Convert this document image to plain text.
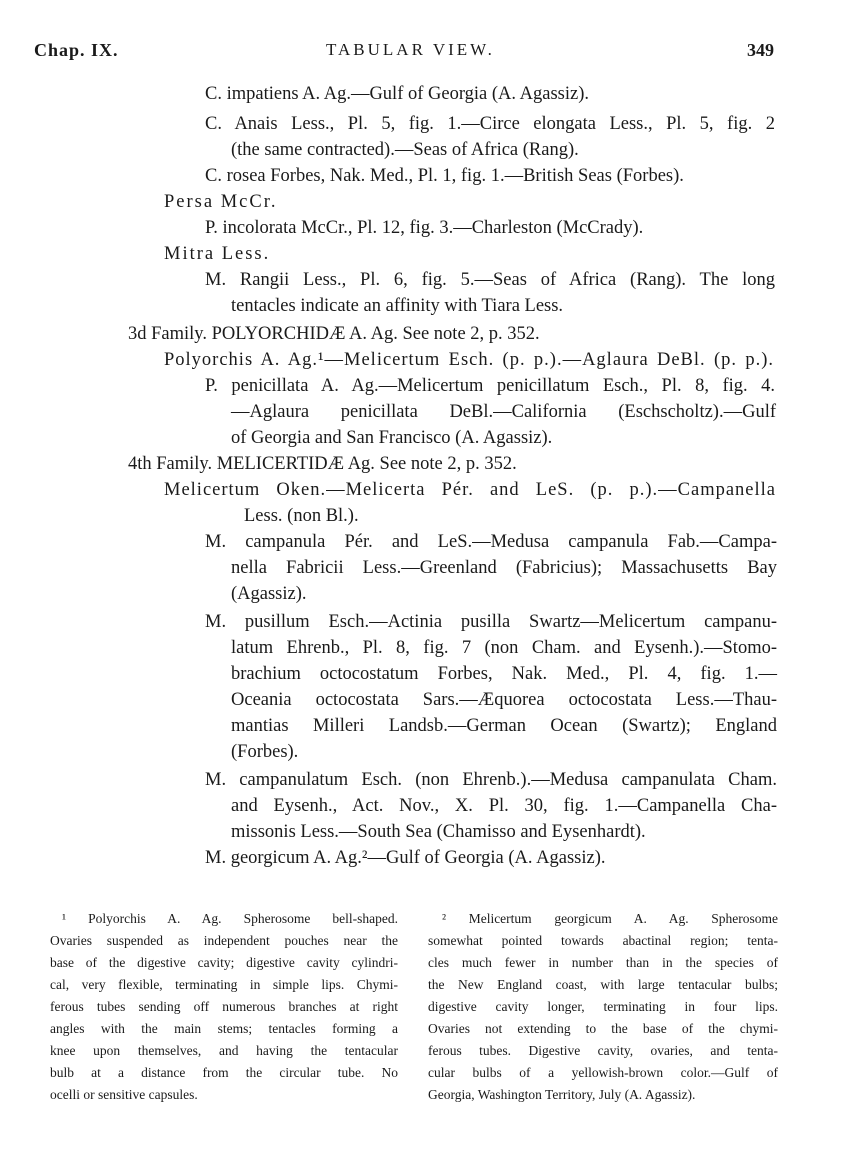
Chap. IX.	TABULAR VIEW.	349
C. impatiens A. Ag.—Gulf of Georgia (A. Agassiz).
C. Anais Less., Pl. 5, fig. 1.—Circe elongata Less., Pl. 5, fig. 2
(the same contracted).—Seas of Africa (Rang).
C. rosea Forbes, Nak. Med., Pl. 1, fig. 1.—British Seas (Forbes).
Persa McCr.
P. incolorata McCr., Pl. 12, fig. 3.—Charleston (McCrady).
Mitra Less.
M. Rangii Less., Pl. 6, fig. 5.—Seas of Africa (Rang). The long
tentacles indicate an affinity with Tiara Less.
3d Family. POLYORCHIDÆ A. Ag. See note 2, p. 352.
Polyorchis A. Ag.¹—Melicertum Esch. (p. p.).—Aglaura DeBl. (p. p.).
P. penicillata A. Ag.—Melicertum penicillatum Esch., Pl. 8, fig. 4.
—Aglaura penicillata DeBl.—California (Eschscholtz).—Gulf
of Georgia and San Francisco (A. Agassiz).
4th Family. MELICERTIDÆ Ag. See note 2, p. 352.
Melicertum Oken.—Melicerta Pér. and LeS. (p. p.).—Campanella
Less. (non Bl.).
M. campanula Pér. and LeS.—Medusa campanula Fab.—Campa-
nella Fabricii Less.—Greenland (Fabricius); Massachusetts Bay
(Agassiz).
M. pusillum Esch.—Actinia pusilla Swartz—Melicertum campanu-
latum Ehrenb., Pl. 8, fig. 7 (non Cham. and Eysenh.).—Stomo-
brachium octocostatum Forbes, Nak. Med., Pl. 4, fig. 1.—
Oceania octocostata Sars.—Æquorea octocostata Less.—Thau-
mantias Milleri Landsb.—German Ocean (Swartz); England
(Forbes).
M. campanulatum Esch. (non Ehrenb.).—Medusa campanulata Cham.
and Eysenh., Act. Nov., X. Pl. 30, fig. 1.—Campanella Cha-
missonis Less.—South Sea (Chamisso and Eysenhardt).
M. georgicum A. Ag.²—Gulf of Georgia (A. Agassiz).
¹ Polyorchis A. Ag. Spherosome bell-shaped.
Ovaries suspended as independent pouches near the
base of the digestive cavity; digestive cavity cylindri-
cal, very flexible, terminating in simple lips. Chymi-
ferous tubes sending off numerous branches at right
angles with the main stems; tentacles forming a
knee upon themselves, and having the tentacular
bulb at a distance from the circular tube. No
ocelli or sensitive capsules.
² Melicertum georgicum A. Ag. Spherosome
somewhat pointed towards abactinal region; tenta-
cles much fewer in number than in the species of
the New England coast, with large tentacular bulbs;
digestive cavity longer, terminating in four lips.
Ovaries not extending to the base of the chymi-
ferous tubes. Digestive cavity, ovaries, and tenta-
cular bulbs of a yellowish-brown color.—Gulf of
Georgia, Washington Territory, July (A. Agassiz).
